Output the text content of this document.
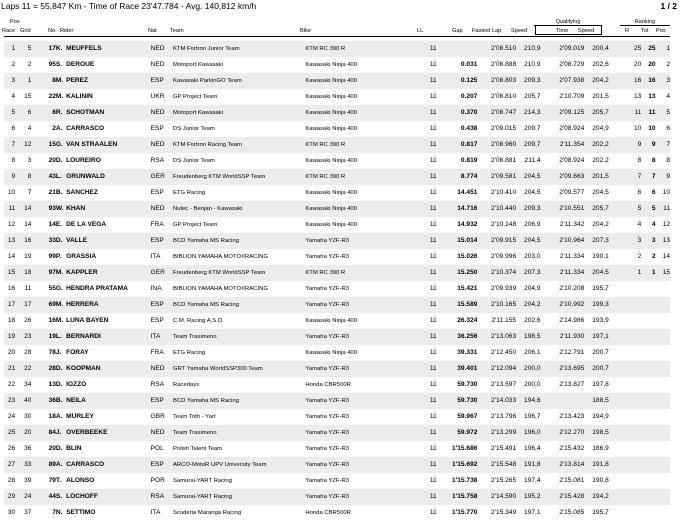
Laps 11 = 55,847 Km - Time of Race 23'47.784 - Avg. 140,812 km/h	1 / 2
Pos
Race Grid	No. Rider	Nat Team	Bike	LL	Gap Fastest Lap Speed
Qualifying
Time Speed
Ranking
R Tot Pos
1	5	17	K.	MEUFFELS	NED	KTM Fortron Junior Team	KTM RC 390 R	11		2'08.510	210,9		2'09.019	200,4		25	25	1
2	2	95	S.	DEROUE	NED	Motoport Kawasaki	Kawasaki Ninja 400	11	0.031	2'08.888	210,9		2'08.729	202,6		20	20	2
3	1	8	M.	PEREZ	ESP	Kawasaki ParkinGO Team	Kawasaki Ninja 400	11	0.125	2'08.803	209,3		2'07.938	204,2		16	16	3
4	15	22	M.	KALININ	UKR	GP Project Team	Kawasaki Ninja 400	11	0.207	2'08.810	205,7		2'10.709	201,5		13	13	4
5	6	6	R.	SCHOTMAN	NED	Motoport Kawasaki	Kawasaki Ninja 400	11	0.370	2'08.747	214,3		2'09.125	205,7		11	11	5
6	4	2	A.	CARRASCO	ESP	DS Junior Team	Kawasaki Ninja 400	11	0.438	2'09.015	209,7		2'08.924	204,9		10	10	6
7	12	15	G.	VAN STRAALEN	NED	KTM Fortron Racing Team	KTM RC 390 R	11	0.817	2'08.960	209,7		2'11.354	202,2		9	9	7
8	3	20	D.	LOUREIRO	RSA	DS Junior Team	Kawasaki Ninja 400	11	0.819	2'08.881	211,4		2'08.924	202,2		8	8	8
9	8	43	L.	GRUNWALD	GER	Freudenberg KTM WorldSSP Team	KTM RC 390 R	11	8.774	2'09.581	204,5		2'09.663	201,5		7	7	9
10	7	21	B.	SANCHEZ	ESP	ETG Racing	Kawasaki Ninja 400	11	14.451	2'10.410	204,5		2'09.577	204,5		6	6	10
11	14	93	W.	KHAN	NED	Nutec - Benjan - Kawasaki	Kawasaki Ninja 400	11	14.716	2'10.440	209,3		2'10.551	205,7		5	5	11
12	14	14	E.	DE LA VEGA	FRA	GP Project Team	Kawasaki Ninja 400	11	14.932	2'10.148	206,9		2'11.342	204,2		4	4	12
13	16	33	D.	VALLE	ESP	BCD Yamaha MS Racing	Yamaha YZF-R3	11	15.014	2'09.915	204,5		2'10.964	207,3		3	3	13
14	19	99	P.	GRASSIA	ITA	BIBLION YAMAHA MOTOXRACING	Yamaha YZF-R3	11	15.026	2'09.996	203,0		2'11.334	190,1		2	2	14
15	18	97	M.	KAPPLER	GER	Freudenberg KTM WorldSSP Team	KTM RC 390 R	11	15.250	2'10.374	207,3		2'11.334	204,5		1	1	15
16	11	55	G.	HENDRA PRATAMA	INA	BIBLION YAMAHA MOTOXRACING	Yamaha YZF-R3	11	15.421	2'09.939	204,9		2'10.208	195,7				
17	17	69	M.	HERRERA	ESP	BCD Yamaha MS Racing	Yamaha YZF-R3	11	15.589	2'10.165	204,2		2'10.992	199,3				
18	26	16	M.	LUNA BAYEN	ESP	C.M. Racing A.S.D.	Kawasaki Ninja 400	11	26.324	2'11.155	202,6		2'14.986	193,9				
19	23	19	L.	BERNARDI	ITA	Team Trasimeno	Yamaha YZF-R3	11	36.256	2'13.063	198,5		2'11.930	197,1				
20	28	78	J.	FORAY	FRA	ETG Racing	Kawasaki Ninja 400	11	39.331	2'12.450	206,1		2'12.791	200,7				
21	22	28	D.	KOOPMAN	NED	GRT Yamaha WorldSSP300 Team	Yamaha YZF-R3	11	39.401	2'12.094	200,0		2'13.695	200,7				
22	34	13	D.	IOZZO	RSA	Racedays	Honda CBR500R	11	59.730	2'13.597	200,0		2'13.827	197,8				
23	40	36	B.	NEILA	ESP	BCD Yamaha MS Racing	Yamaha YZF-R3	11	59.730	2'14.033	194,6			188,5				
24	30	18	A.	MURLEY	GBR	Team Toth - Yart	Yamaha YZF-R3	11	59.967	2'13.796	196,7		2'13.423	194,9				
25	20	84	J.	OVERBEEKE	NED	Team Trasimeno	Yamaha YZF-R3	11	59.972	2'13.299	196,0		2'12.270	198,5				
26	36	20	D.	BLIN	POL	Polish Talent Team	Yamaha YZF-R3	11	1'15.686	2'15.491	196,4		2'15.432	186,9				
27	33	89	A.	CARRASCO	ESP	ARCO-MotoR UPV University Team	Yamaha YZF-R3	11	1'15.692	2'15.548	191,8		2'13.814	191,8				
28	39	79	T.	ALONSO	POR	Samurai-YART Racing	Yamaha YZF-R3	11	1'15.738	2'15.265	197,4		2'15.081	190,8				
29	24	44	S.	LOCHOFF	RSA	Samurai-YART Racing	Yamaha YZF-R3	11	1'15.758	2'14.590	195,2		2'15.428	194,2				
30	37	7	N.	SETTIMO	ITA	Scuderia Maranga Racing	Honda CBR500R	11	1'15.770	2'15.349	197,1		2'15.085	195,7				
